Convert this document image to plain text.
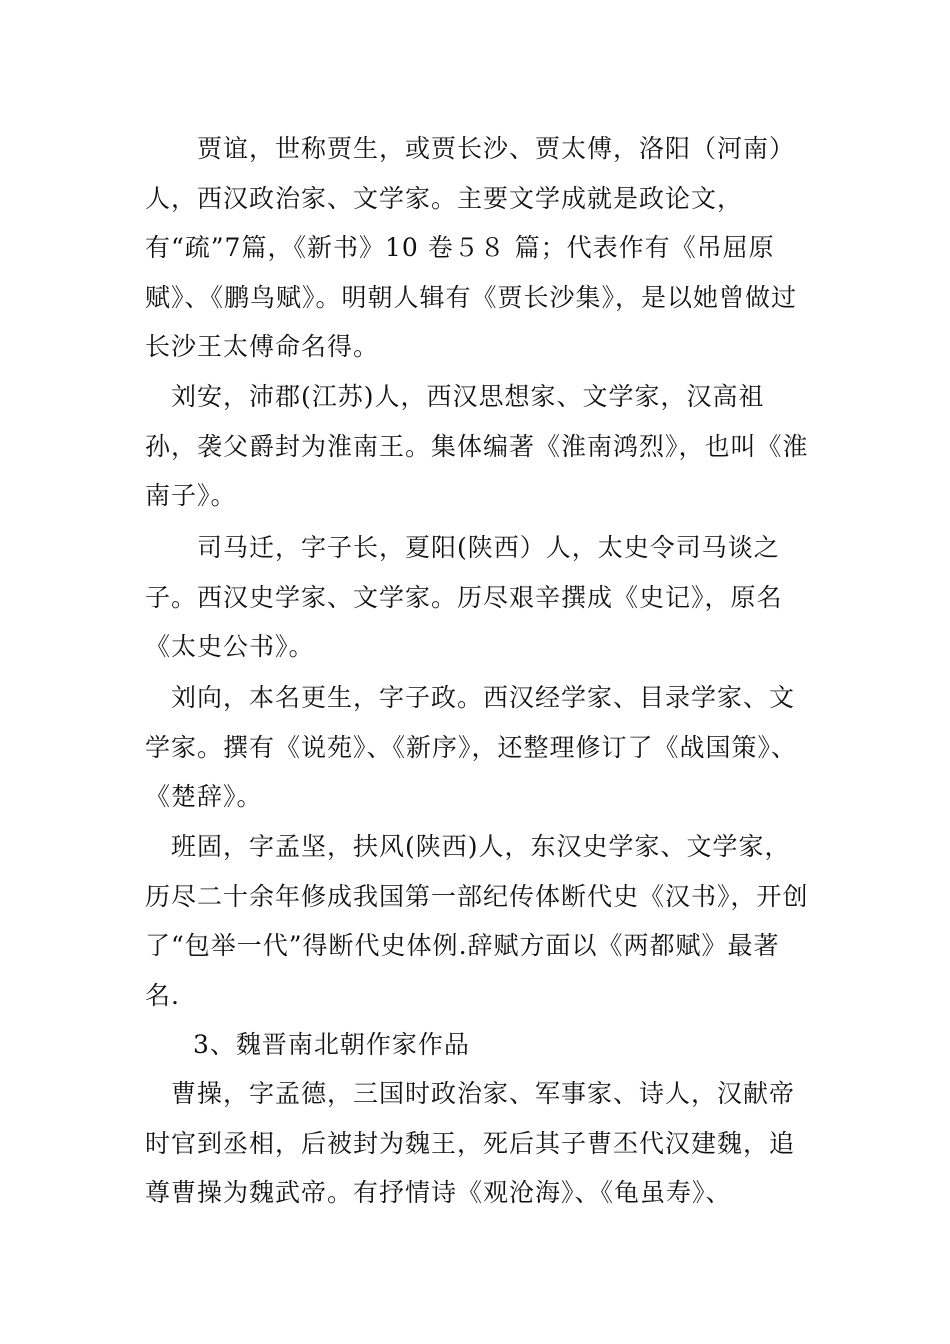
　　贾谊，世称贾生，或贾长沙、贾太傅，洛阳（河南）人，西汉政治家、文学家。主要文学成就是政论文，有“疏”7篇，《新书》10 卷５８ 篇；代表作有《吊屈原赋》、《鹏鸟赋》。明朝人辑有《贾长沙集》，是以她曾做过长沙王太傅命名得。

　刘安，沛郡(江苏)人，西汉思想家、文学家，汉高祖孙，袭父爵封为淮南王。集体编著《淮南鸿烈》，也叫《淮南子》。

　　司马迁，字子长，夏阳(陕西）人，太史令司马谈之子。西汉史学家、文学家。历尽艰辛撰成《史记》，原名《太史公书》。

　刘向，本名更生，字子政。西汉经学家、目录学家、文学家。撰有《说苑》、《新序》，还整理修订了《战国策》、《楚辞》。

　班固，字孟坚，扶风(陕西)人，东汉史学家、文学家，历尽二十余年修成我国第一部纪传体断代史《汉书》，开创了“包举一代”得断代史体例.辞赋方面以《两都赋》最著名.

3、魏晋南北朝作家作品

　曹操，字孟德，三国时政治家、军事家、诗人，汉献帝时官到丞相，后被封为魏王，死后其子曹丕代汉建魏，追尊曹操为魏武帝。有抒情诗《观沧海》、《龟虽寿》、
